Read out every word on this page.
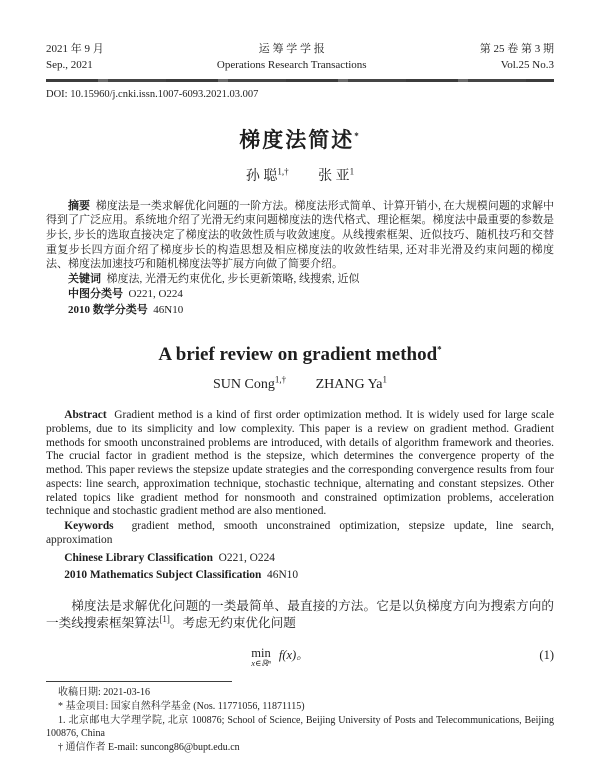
2021 年 9 月
Sep., 2021
运 筹 学 学 报
Operations Research Transactions
第 25 卷 第 3 期
Vol.25 No.3
DOI: 10.15960/j.cnki.issn.1007-6093.2021.03.007
梯度法简述*
孙 聪$^{1,\dagger}$ 张 亚$^1$
摘要 梯度法是一类求解优化问题的一阶方法。梯度法形式简单、计算开销小, 在大规模问题的求解中得到了广泛应用。系统地介绍了光滑无约束问题梯度法的迭代格式、理论框架。梯度法中最重要的参数是步长, 步长的选取直接决定了梯度法的收敛性质与收敛速度。从线搜索框架、近似技巧、随机技巧和交替重复步长四方面介绍了梯度步长的构造思想及相应梯度法的收敛性结果, 还对非光滑及约束问题的梯度法、梯度法加速技巧和随机梯度法等扩展方向做了简要介绍。
关键词 梯度法, 光滑无约束优化, 步长更新策略, 线搜索, 近似
中图分类号 O221, O224
2010 数学分类号 46N10
A brief review on gradient method*
SUN Cong$^{1,\dagger}$ ZHANG Ya$^1$
Abstract Gradient method is a kind of first order optimization method. It is widely used for large scale problems, due to its simplicity and low complexity. This paper is a review on gradient method. Gradient methods for smooth unconstrained problems are introduced, with details of algorithm framework and theories. The crucial factor in gradient method is the stepsize, which determines the convergence property of the method. This paper reviews the stepsize update strategies and the corresponding convergence results from four aspects: line search, approximation technique, stochastic technique, alternating and constant stepsizes. Other related topics like gradient method for nonsmooth and constrained optimization problems, acceleration technique and stochastic gradient method are also mentioned.
Keywords gradient method, smooth unconstrained optimization, stepsize update, line search, approximation
Chinese Library Classification O221, O224
2010 Mathematics Subject Classification 46N10
梯度法是求解优化问题的一类最简单、最直接的方法。它是以负梯度方向为搜索方向的一类线搜索框架算法[1]。考虑无约束优化问题
min
x∈ℝⁿ
f(x)。	(1)

收稿日期: 2021-03-16

* 基金项目: 国家自然科学基金 (Nos. 11771056, 11871115)

1. 北京邮电大学理学院, 北京 100876; School of Science, Beijing University of Posts and Telecommunications, Beijing 100876, China

† 通信作者 E-mail: suncong86@bupt.edu.cn
